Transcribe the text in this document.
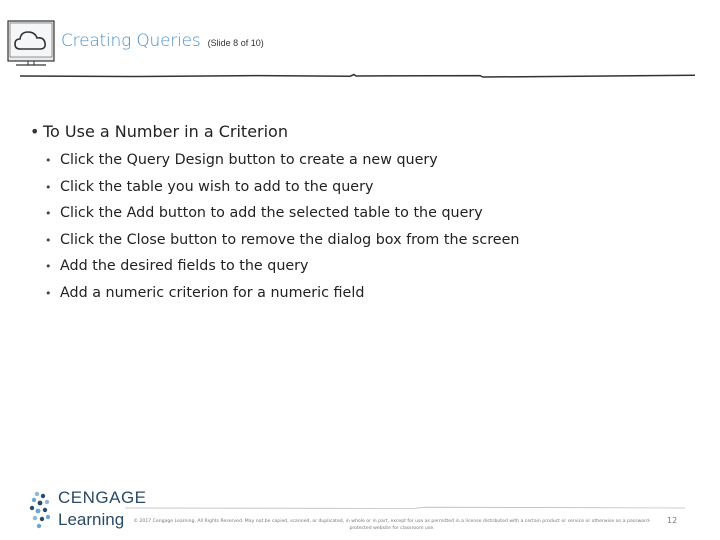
Creating Queries (Slide 8 of 10)
• To Use a Number in a Criterion
• Click the Query Design button to create a new query
• Click the table you wish to add to the query
• Click the Add button to add the selected table to the query
• Click the Close button to remove the dialog box from the screen
• Add the desired fields to the query
• Add a numeric criterion for a numeric field
CENGAGE
Learning	© 2017 Cengage Learning. All Rights Reserved. May not be copied, scanned, or duplicated, in whole or in part, except for use as permitted in a license distributed with a certain product or service or otherwise on a password-protected website for classroom use.
12
